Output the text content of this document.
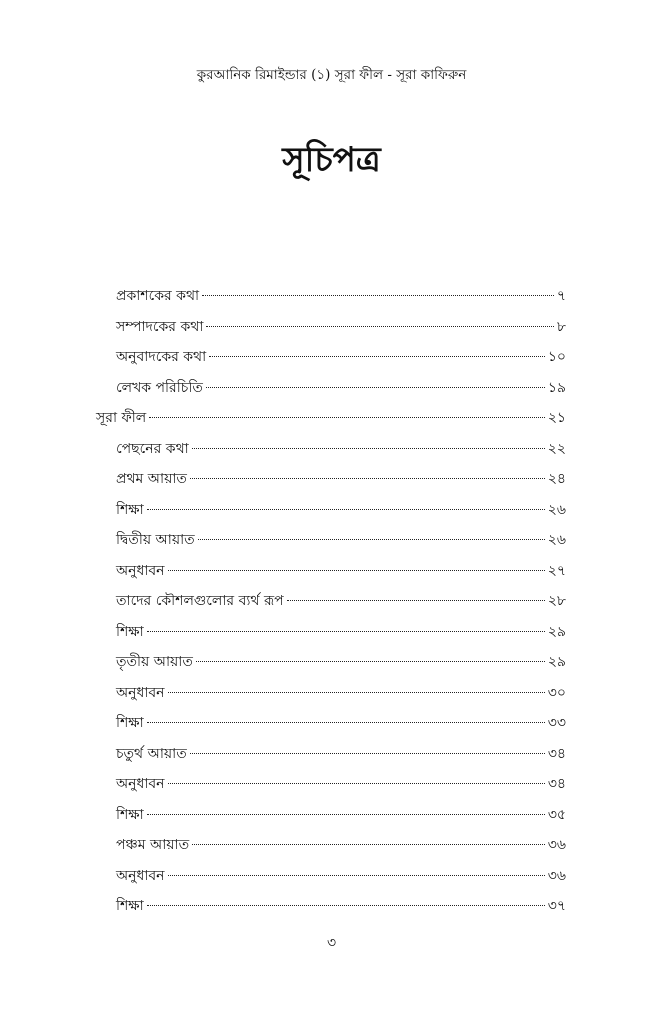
কুরআনিক রিমাইন্ডার (১) সূরা ফীল - সূরা কাফিরুন
সূচিপত্র
প্রকাশকের কথা	৭
সম্পাদকের কথা	৮
অনুবাদকের কথা	১০
লেখক পরিচিতি	১৯
সূরা ফীল	২১
পেছনের কথা	২২
প্রথম আয়াত	২৪
শিক্ষা	২৬
দ্বিতীয় আয়াত	২৬
অনুধাবন	২৭
তাদের কৌশলগুলোর ব্যর্থ রূপ	২৮
শিক্ষা	২৯
তৃতীয় আয়াত	২৯
অনুধাবন	৩০
শিক্ষা	৩৩
চতুর্থ আয়াত	৩৪
অনুধাবন	৩৪
শিক্ষা	৩৫
পঞ্চম আয়াত	৩৬
অনুধাবন	৩৬
শিক্ষা	৩৭
৩
